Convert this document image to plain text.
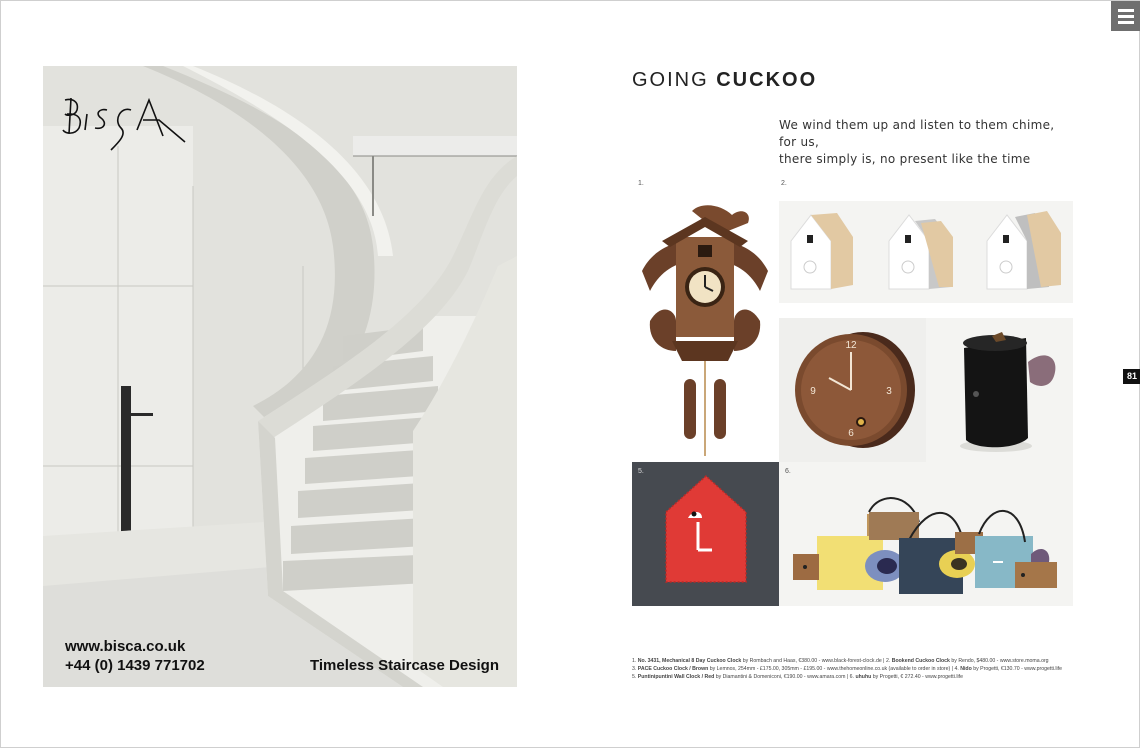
www.bisca.co.uk
+44 (0) 1439 771702	Timeless Staircase Design
GOING CUCKOO
We wind them up and listen to them chime, for us,
there simply is, no present like the time
1.	2.
5.	6.
12
3
6
9
81
1. No. 3431, Mechanical 8 Day Cuckoo Clock by Rombach and Haas, €380.00 - www.black-forest-clock.de | 2. Bookend Cuckoo Clock by Rendo, $480.00 - www.store.moma.org
3. PACE Cuckoo Clock / Brown by Lemnos, 254mm - £175.00, 305mm - £195.00 - www.thehomeonline.co.uk (available to order in store) | 4. Nido by Progetti, €130.70 - www.progetti.life
5. Puntinipuntini Wall Clock / Red by Diamantini & Domeniconi, €190.00 - www.amara.com | 6. uhuhu by Progetti, € 272.40 - www.progetti.life
